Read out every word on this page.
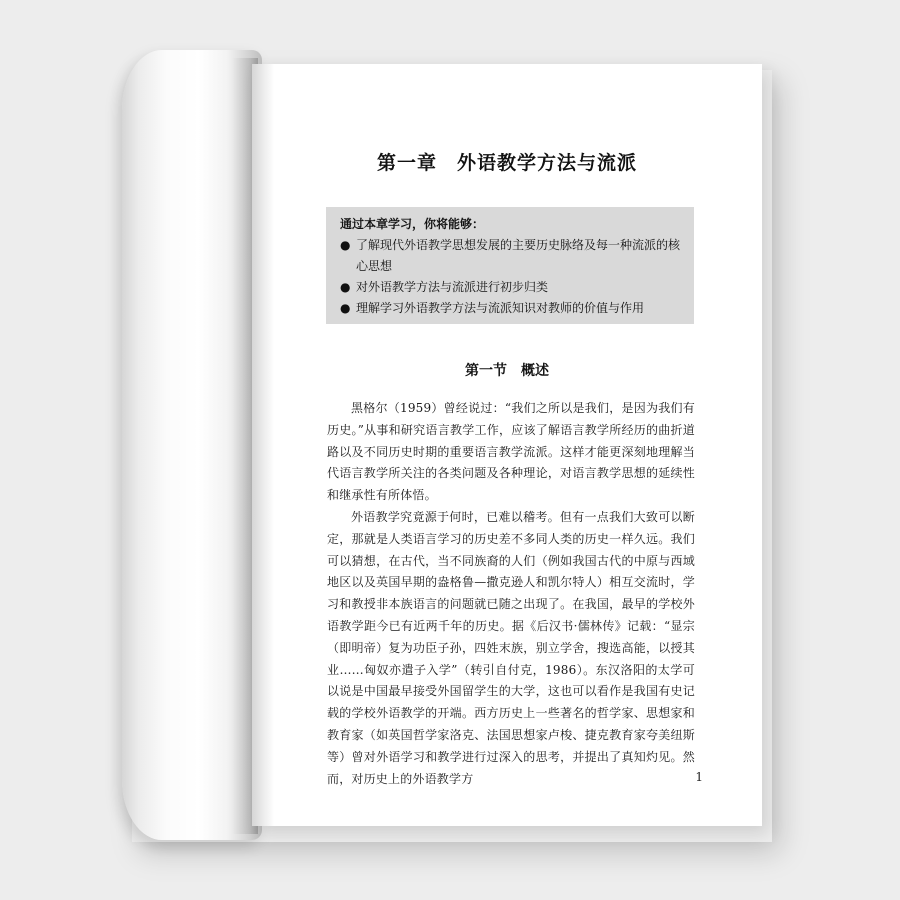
第一章　外语教学方法与流派
通过本章学习，你将能够：
● 了解现代外语教学思想发展的主要历史脉络及每一种流派的核心思想
● 对外语教学方法与流派进行初步归类
● 理解学习外语教学方法与流派知识对教师的价值与作用
第一节　概述

黑格尔（1959）曾经说过：“我们之所以是我们，是因为我们有历史。”从事和研究语言教学工作，应该了解语言教学所经历的曲折道路以及不同历史时期的重要语言教学流派。这样才能更深刻地理解当代语言教学所关注的各类问题及各种理论，对语言教学思想的延续性和继承性有所体悟。

外语教学究竟源于何时，已难以稽考。但有一点我们大致可以断定，那就是人类语言学习的历史差不多同人类的历史一样久远。我们可以猜想，在古代，当不同族裔的人们（例如我国古代的中原与西域地区以及英国早期的盎格鲁—撒克逊人和凯尔特人）相互交流时，学习和教授非本族语言的问题就已随之出现了。在我国，最早的学校外语教学距今已有近两千年的历史。据《后汉书·儒林传》记载：“显宗（即明帝）复为功臣子孙，四姓末族，别立学舍，搜选高能，以授其业……匈奴亦遣子入学”（转引自付克，1986）。东汉洛阳的太学可以说是中国最早接受外国留学生的大学，这也可以看作是我国有史记载的学校外语教学的开端。西方历史上一些著名的哲学家、思想家和教育家（如英国哲学家洛克、法国思想家卢梭、捷克教育家夸美纽斯等）曾对外语学习和教学进行过深入的思考，并提出了真知灼见。然而，对历史上的外语教学方	1
